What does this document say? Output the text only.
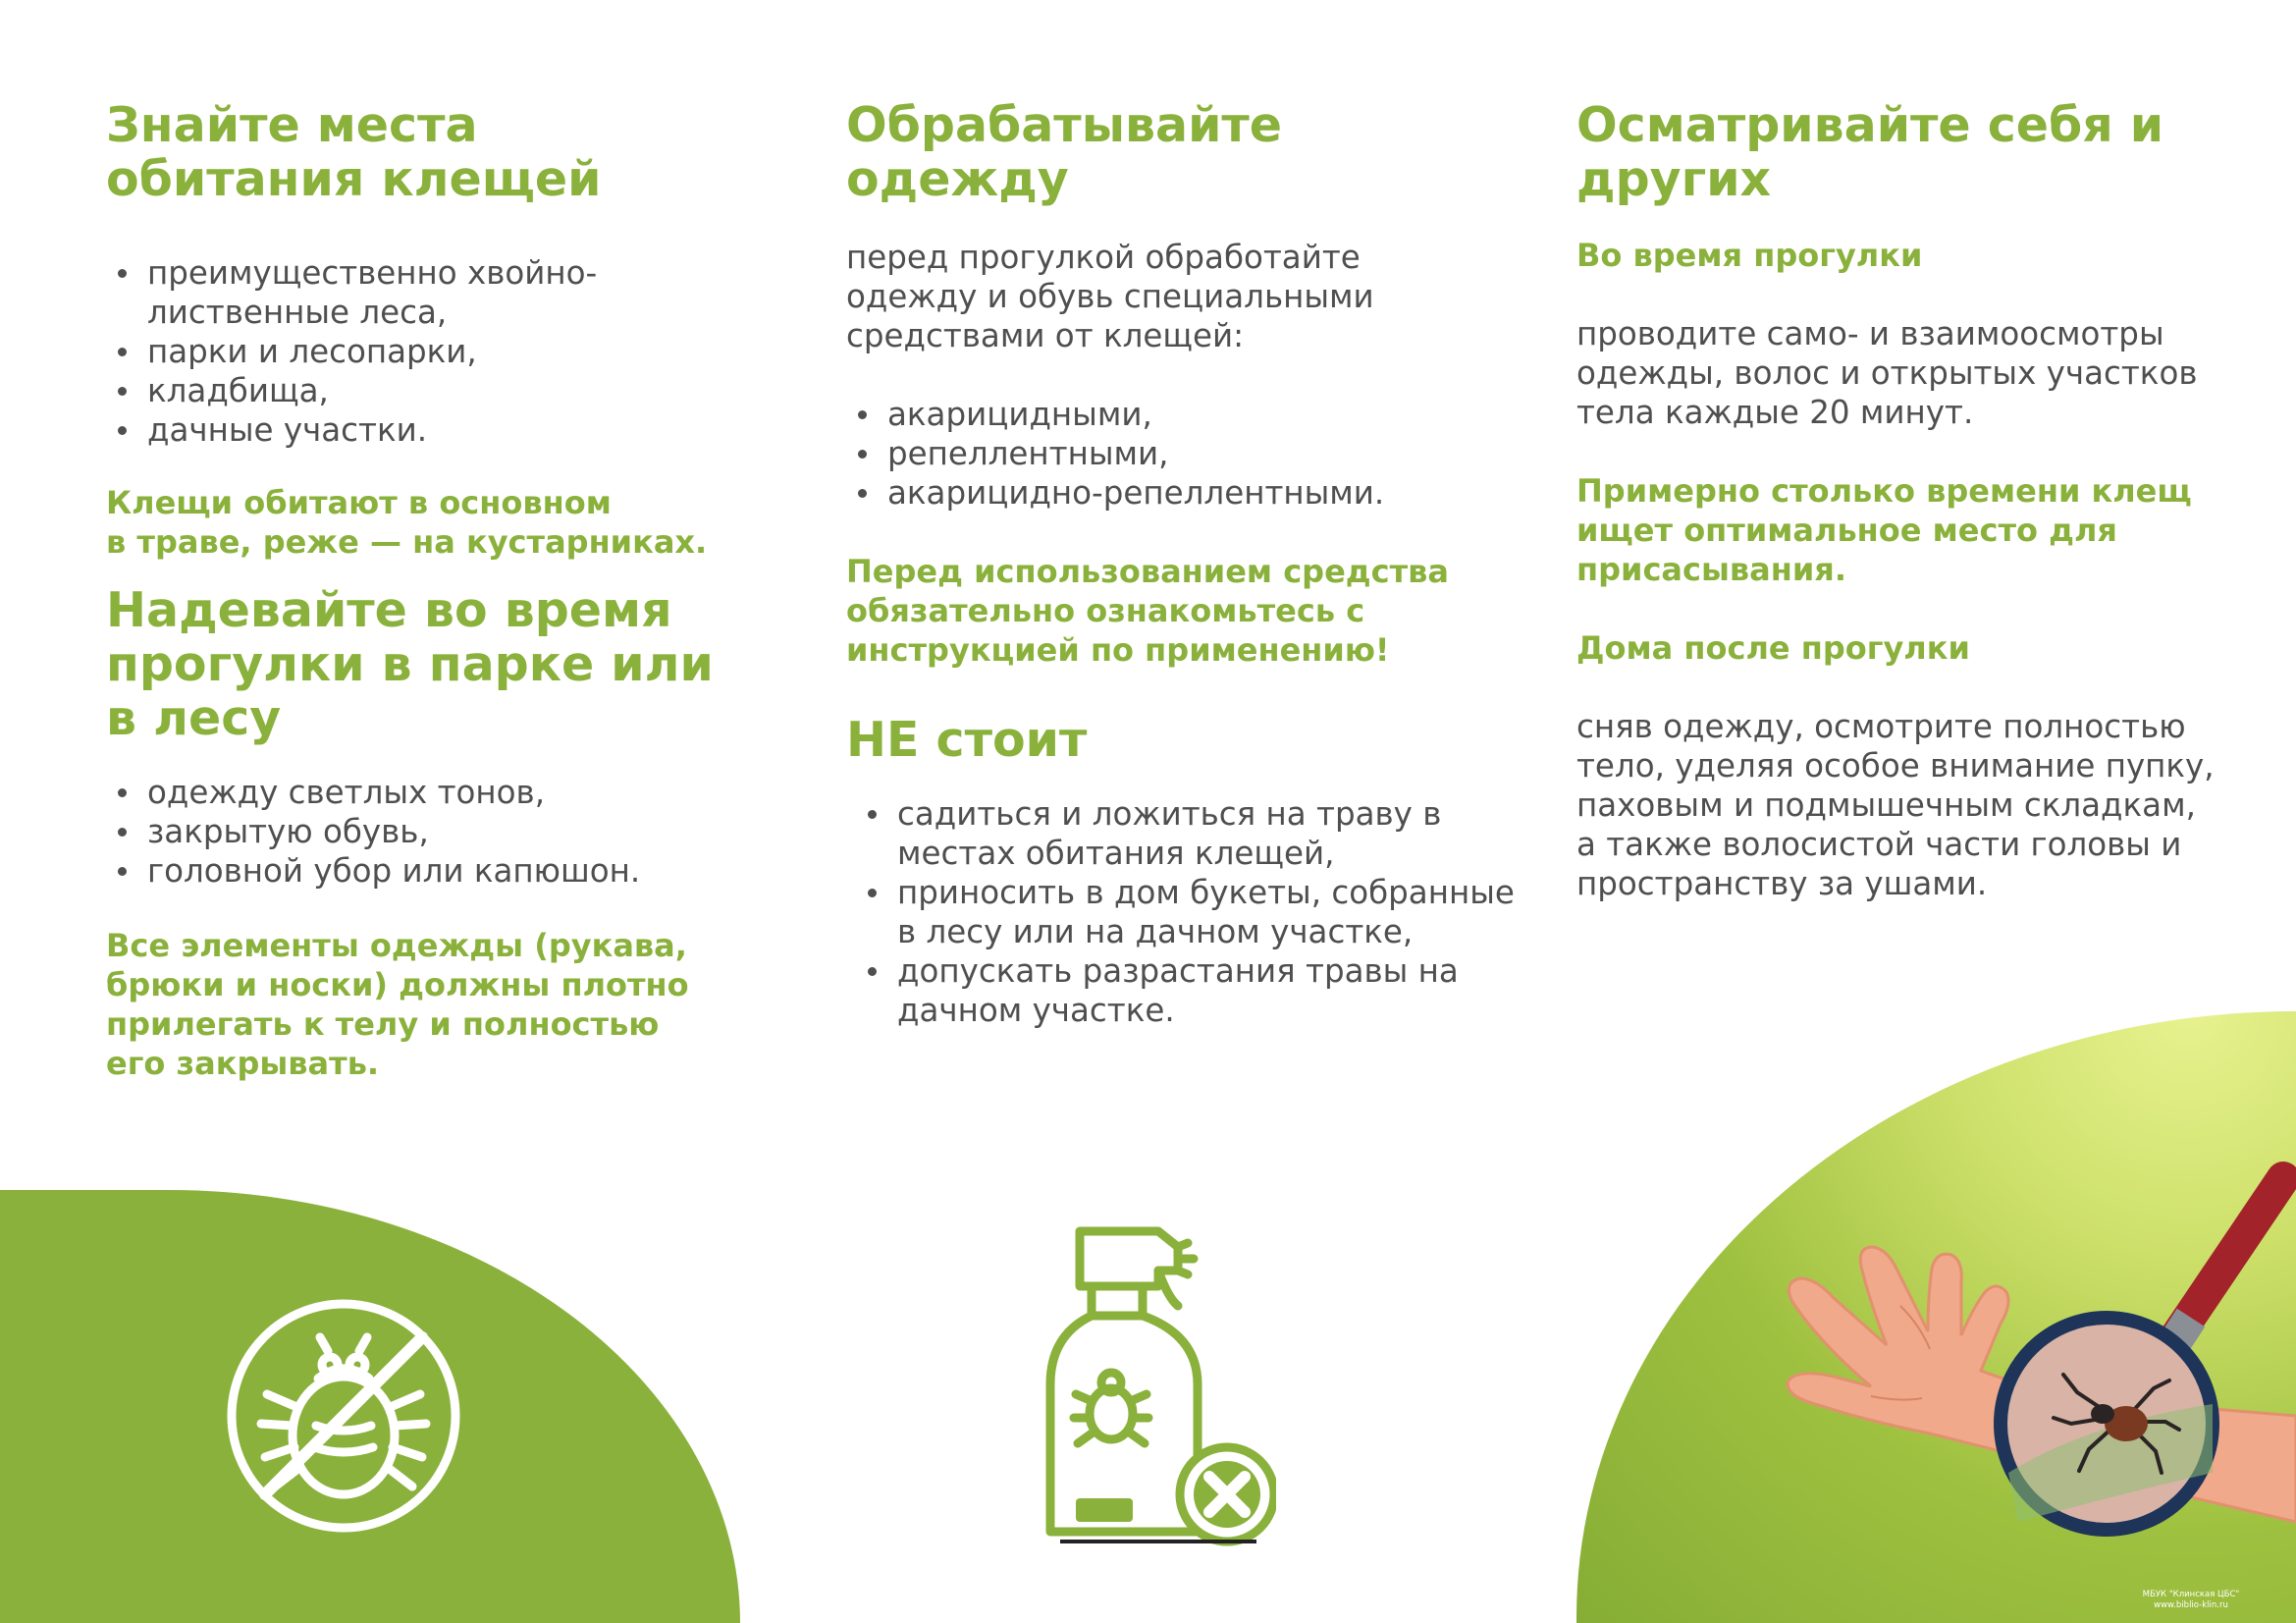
Знайте места
обитания клещей
преимущественно хвойно-лиственные леса,
парки и лесопарки,
кладбища,
дачные участки.

Клещи обитают в основном
в траве, реже — на кустарниках.

Надевайте во время
прогулки в парке или
в лесу
одежду светлых тонов,
закрытую обувь,
головной убор или капюшон.

Все элементы одежды (рукава, брюки и носки) должны плотно прилегать к телу и полностью его закрывать.

Обрабатывайте
одежду

перед прогулкой обработайте одежду и обувь специальными средствами от клещей:

акарицидными,
репеллентными,
акарицидно-репеллентными.

Перед использованием средства обязательно ознакомьтесь с инструкцией по применению!

НЕ стоит
садиться и ложиться на траву в местах обитания клещей,
приносить в дом букеты, собранные в лесу или на дачном участке,
допускать разрастания травы на дачном участке.
Осматривайте себя и
других

Во время прогулки

проводите само- и взаимоосмотры одежды, волос и открытых участков тела каждые 20 минут.

Примерно столько времени клещ ищет оптимальное место для присасывания.

Дома после прогулки

сняв одежду, осмотрите полностью тело, уделяя особое внимание пупку, паховым и подмышечным складкам, а также волосистой части головы и пространству за ушами.

МБУК "Клинская ЦБС"
www.biblio-klin.ru
